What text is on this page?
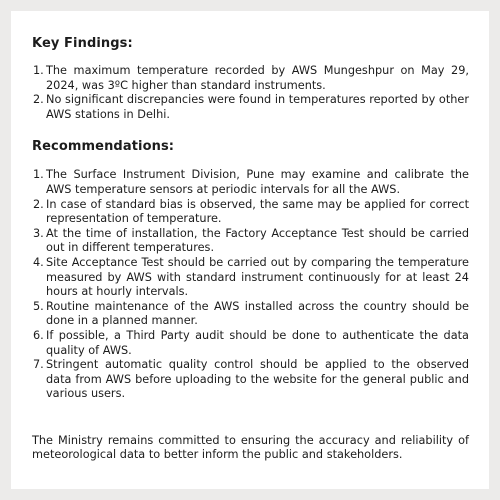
Key Findings:
1. The maximum temperature recorded by AWS Mungeshpur on May 29, 2024, was 3ºC higher than standard instruments.
2. No significant discrepancies were found in temperatures reported by other AWS stations in Delhi.
Recommendations:
1. The Surface Instrument Division, Pune may examine and calibrate the AWS temperature sensors at periodic intervals for all the AWS.
2. In case of standard bias is observed, the same may be applied for correct representation of temperature.
3. At the time of installation, the Factory Acceptance Test should be carried out in different temperatures.
4. Site Acceptance Test should be carried out by comparing the temperature measured by AWS with standard instrument continuously for at least 24 hours at hourly intervals.
5. Routine maintenance of the AWS installed across the country should be done in a planned manner.
6. If possible, a Third Party audit should be done to authenticate the data quality of AWS.
7. Stringent automatic quality control should be applied to the observed data from AWS before uploading to the website for the general public and various users.

The Ministry remains committed to ensuring the accuracy and reliability of meteorological data to better inform the public and stakeholders.
